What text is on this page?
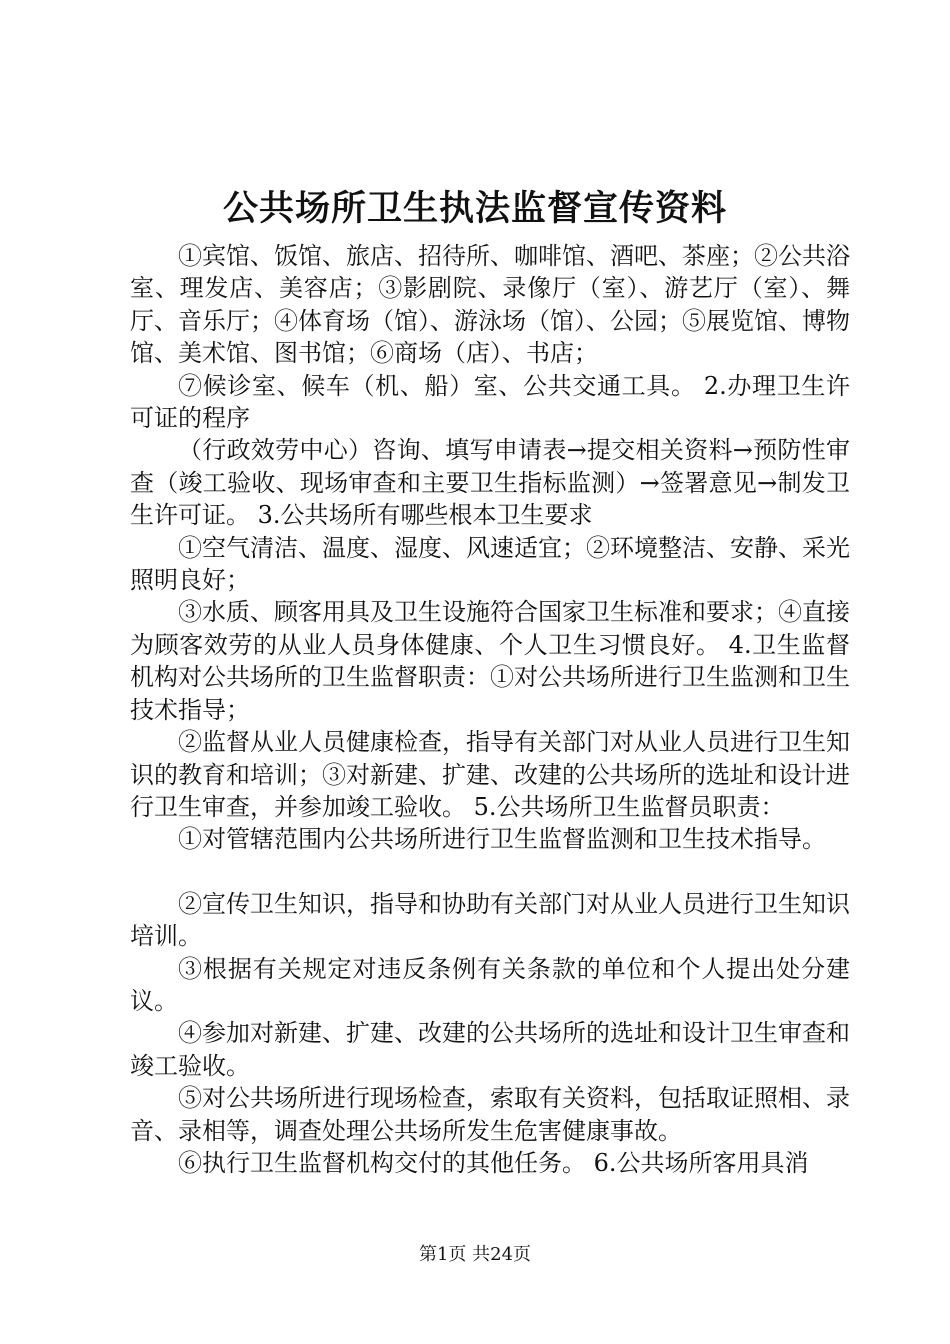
公共场所卫生执法监督宣传资料

①宾馆、饭馆、旅店、招待所、咖啡馆、酒吧、茶座；②公共浴室、理发店、美容店；③影剧院、录像厅（室）、游艺厅（室）、舞厅、音乐厅；④体育场（馆）、游泳场（馆）、公园；⑤展览馆、博物馆、美术馆、图书馆；⑥商场（店）、书店；

⑦候诊室、候车（机、船）室、公共交通工具。 2.办理卫生许可证的程序

（行政效劳中心）咨询、填写申请表→提交相关资料→预防性审查（竣工验收、现场审查和主要卫生指标监测）→签署意见→制发卫生许可证。 3.公共场所有哪些根本卫生要求

①空气清洁、温度、湿度、风速适宜；②环境整洁、安静、采光照明良好；

③水质、顾客用具及卫生设施符合国家卫生标准和要求；④直接为顾客效劳的从业人员身体健康、个人卫生习惯良好。 4.卫生监督机构对公共场所的卫生监督职责：①对公共场所进行卫生监测和卫生技术指导；

②监督从业人员健康检查，指导有关部门对从业人员进行卫生知识的教育和培训；③对新建、扩建、改建的公共场所的选址和设计进行卫生审查，并参加竣工验收。 5.公共场所卫生监督员职责：

①对管辖范围内公共场所进行卫生监督监测和卫生技术指导。

②宣传卫生知识，指导和协助有关部门对从业人员进行卫生知识培训。

③根据有关规定对违反条例有关条款的单位和个人提出处分建议。

④参加对新建、扩建、改建的公共场所的选址和设计卫生审查和竣工验收。

⑤对公共场所进行现场检查，索取有关资料，包括取证照相、录音、录相等，调查处理公共场所发生危害健康事故。

⑥执行卫生监督机构交付的其他任务。 6.公共场所客用具消

第1页 共24页
